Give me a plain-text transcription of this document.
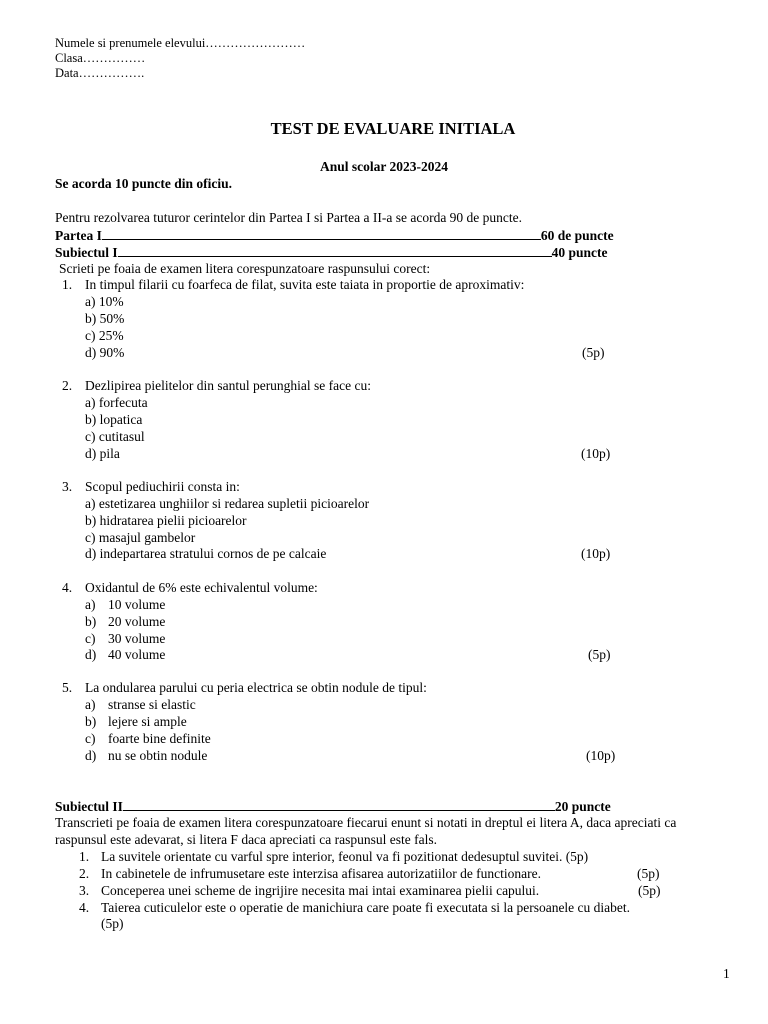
Numele si prenumele elevului……………………
Clasa……………
Data…………….
TEST DE EVALUARE INITIALA
Anul scolar 2023-2024
Se acorda 10 puncte din oficiu.
Pentru rezolvarea tuturor cerintelor din Partea I si Partea a II-a se acorda 90 de puncte.
Partea I	60 de puncte
Subiectul I	40 puncte
Scrieti pe foaia de examen litera corespunzatoare raspunsului corect:
1. In timpul filarii cu foarfeca de filat, suvita este taiata in proportie de aproximativ:
a) 10%
b) 50%
c) 25%
d) 90%	(5p)
2. Dezlipirea pielitelor din santul perunghial se face cu:
a) forfecuta
b) lopatica
c) cutitasul
d) pila	(10p)
3. Scopul pediuchirii consta in:
a) estetizarea unghiilor si redarea supletii picioarelor
b) hidratarea pielii picioarelor
c) masajul gambelor
d) indepartarea stratului cornos de pe calcaie	(10p)
4. Oxidantul de 6% este echivalentul volume:
a) 10 volume
b) 20 volume
c) 30 volume
d) 40 volume	(5p)
5. La ondularea parului cu peria electrica se obtin nodule de tipul:
a) stranse si elastic
b) lejere si ample
c) foarte bine definite
d) nu se obtin nodule	(10p)
Subiectul II	20 puncte
Transcrieti pe foaia de examen litera corespunzatoare fiecarui enunt si notati in dreptul ei litera A, daca apreciati ca raspunsul este adevarat, si litera F daca apreciati ca raspunsul este fals.
1. La suvitele orientate cu varful spre interior, feonul va fi pozitionat dedesuptul suvitei. (5p)
2. In cabinetele de infrumusetare este interzisa afisarea autorizatiilor de functionare.	(5p)
3. Conceperea unei scheme de ingrijire necesita mai intai examinarea pielii capului.	(5p)
4. Taierea cuticulelor este o operatie de manichiura care poate fi executata si la persoanele cu diabet.
(5p)
1
